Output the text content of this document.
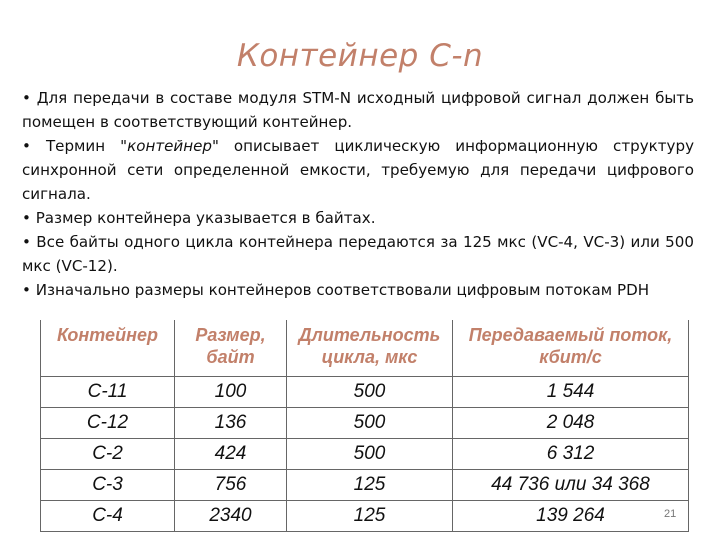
Контейнер C-n

• Для передачи в составе модуля STM-N исходный цифровой сигнал должен быть помещен в соответствующий контейнер.

• Термин "контейнер" описывает циклическую информационную структуру синхронной сети определенной емкости, требуемую для передачи цифрового сигнала.

• Размер контейнера указывается в байтах.

• Все байты одного цикла контейнера передаются за 125 мкс (VC-4, VC-3) или 500 мкс (VC-12).

• Изначально размеры контейнеров соответствовали цифровым потокам PDH

Контейнер	Размер, байт	Длительность цикла, мкс	Передаваемый поток, кбит/с
C-11	100	500	1 544
C-12	136	500	2 048
C-2	424	500	6 312
C-3	756	125	44 736 или 34 368
C-4	2340	125	139 264	21
